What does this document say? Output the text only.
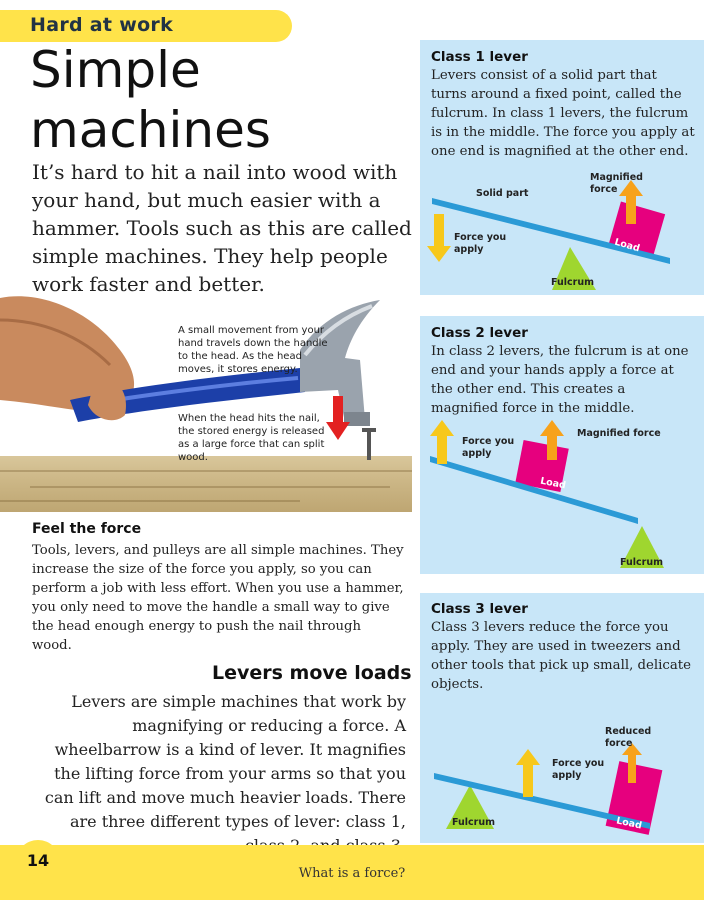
Hard at work
Simple
machines
It’s hard to hit a nail into wood with your hand, but much easier with a hammer. Tools such as this are called simple machines. They help people work faster and better.
A small movement from your hand travels down the handle to the head. As the head moves, it stores energy.
When the head hits the nail, the stored energy is released as a large force that can split wood.
Feel the force
Tools, levers, and pulleys are all simple machines. They increase the size of the force you apply, so you can perform a job with less effort. When you use a hammer, you only need to move the handle a small way to give the head enough energy to push the nail through wood.
Levers move loads
Levers are simple machines that work by magnifying or reducing a force. A wheelbarrow is a kind of lever. It magnifies the lifting force from your arms so that you can lift and move much heavier loads. There are three different types of lever: class 1,
Class 1 lever
Levers consist of a solid part that turns around a fixed point, called the fulcrum. In class 1 levers, the fulcrum is in the middle. The force you apply at one end is magnified at the other end.
Solid part
Magnified force
Force you apply	Load
Fulcrum
Class 2 lever
In class 2 levers, the fulcrum is at one end and your hands apply a force at the other end. This creates a magnified force in the middle.
Force you apply
Magnified force
Load
Fulcrum
Class 3 lever
Class 3 levers reduce the force you apply. They are used in tweezers and other tools that pick up small, delicate objects.
Reduced force
Force you apply
Load
Fulcrum
14
What is a force?
